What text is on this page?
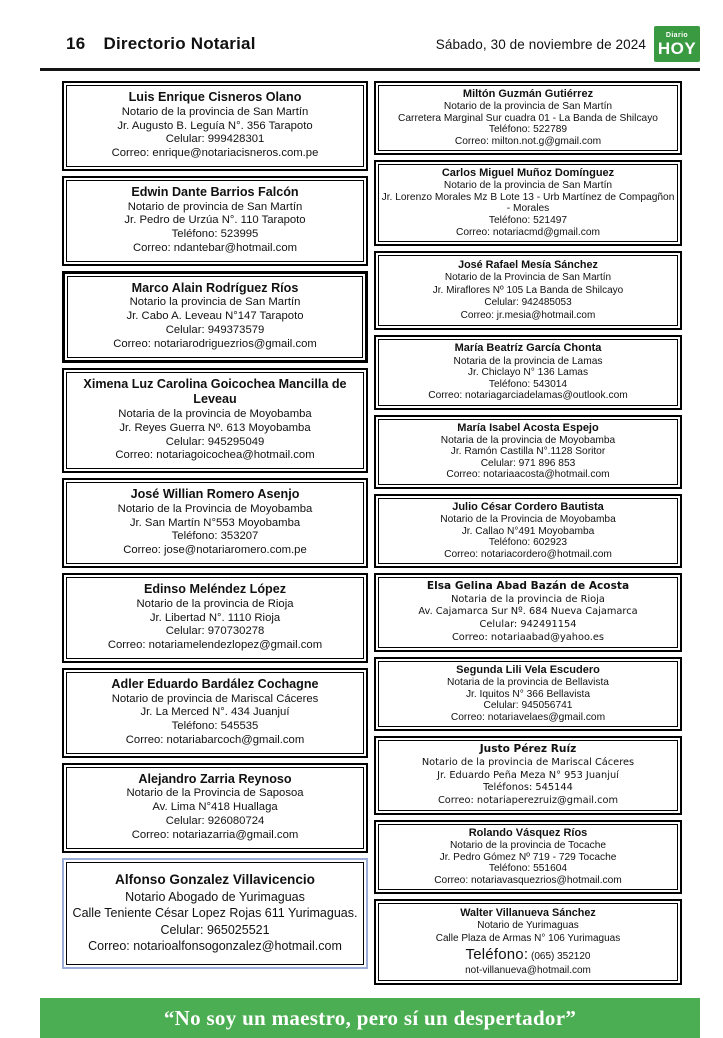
16 Directorio Notarial	Sábado, 30 de noviembre de 2024
Diario
HOY
Luis Enrique Cisneros Olano
Notario de la provincia de San Martín
Jr. Augusto B. Leguía N°. 356 Tarapoto
Celular: 999428301
Correo: enrique@notariacisneros.com.pe
Edwin Dante Barrios Falcón
Notario de provincia de San Martín
Jr. Pedro de Urzúa N°. 110 Tarapoto
Teléfono: 523995
Correo: ndantebar@hotmail.com
Marco Alain Rodríguez Ríos
Notario la provincia de San Martín
Jr. Cabo A. Leveau N°147 Tarapoto
Celular: 949373579
Correo: notariarodriguezrios@gmail.com
Ximena Luz Carolina Goicochea Mancilla de Leveau
Notaria de la provincia de Moyobamba
Jr. Reyes Guerra Nº. 613 Moyobamba
Celular: 945295049
Correo: notariagoicochea@hotmail.com
José Willian Romero Asenjo
Notario de la Provincia de Moyobamba
Jr. San Martín N°553 Moyobamba
Teléfono: 353207
Correo: jose@notariaromero.com.pe
Edinso Meléndez López
Notario de la provincia de Rioja
Jr. Libertad N°. 1110 Rioja
Celular: 970730278
Correo: notariamelendezlopez@gmail.com
Adler Eduardo Bardález Cochagne
Notario de provincia de Mariscal Cáceres
Jr. La Merced N°. 434 Juanjuí
Teléfono: 545535
Correo: notariabarcoch@gmail.com
Alejandro Zarria Reynoso
Notario de la Provincia de Saposoa
Av. Lima N°418 Huallaga
Celular: 926080724
Correo: notariazarria@gmail.com
Alfonso Gonzalez Villavicencio
Notario Abogado de Yurimaguas
Calle Teniente César Lopez Rojas 611 Yurimaguas.
Celular: 965025521
Correo: notarioalfonsogonzalez@hotmail.com
Miltón Guzmán Gutiérrez
Notario de la provincia de San Martín
Carretera Marginal Sur cuadra 01 - La Banda de Shilcayo
Teléfono: 522789
Correo: milton.not.g@gmail.com
Carlos Miguel Muñoz Domínguez
Notario de la provincia de San Martín
Jr. Lorenzo Morales Mz B Lote 13 - Urb Martínez de Compagñon
- Morales
Teléfono: 521497
Correo: notariacmd@gmail.com
José Rafael Mesía Sánchez
Notario de la Provincia de San Martín
Jr. Miraflores Nº 105 La Banda de Shilcayo
Celular: 942485053
Correo: jr.mesia@hotmail.com
María Beatríz García Chonta
Notaria de la provincia de Lamas
Jr. Chiclayo N° 136 Lamas
Teléfono: 543014
Correo: notariagarciadelamas@outlook.com
María Isabel Acosta Espejo
Notaria de la provincia de Moyobamba
Jr. Ramón Castilla N°.1128 Soritor
Celular: 971 896 853
Correo: notariaacosta@hotmail.com
Julio César Cordero Bautista
Notario de la Provincia de Moyobamba
Jr. Callao N°491 Moyobamba
Teléfono: 602923
Correo: notariacordero@hotmail.com
Elsa Gelina Abad Bazán de Acosta
Notaria de la provincia de Rioja
Av. Cajamarca Sur Nº. 684 Nueva Cajamarca
Celular: 942491154
Correo: notariaabad@yahoo.es
Segunda Lili Vela Escudero
Notaria de la provincia de Bellavista
Jr. Iquitos N° 366 Bellavista
Celular: 945056741
Correo: notariavelaes@gmail.com
Justo Pérez Ruíz
Notario de la provincia de Mariscal Cáceres
Jr. Eduardo Peña Meza N° 953 Juanjuí
Teléfonos: 545144
Correo: notariaperezruiz@gmail.com
Rolando Vásquez Ríos
Notario de la provincia de Tocache
Jr. Pedro Gómez Nº 719 - 729 Tocache
Teléfono: 551604
Correo: notariavasquezrios@hotmail.com
Walter Villanueva Sánchez
Notario de Yurimaguas
Calle Plaza de Armas N° 106 Yurimaguas
Teléfono: (065) 352120
not-villanueva@hotmail.com
“No soy un maestro, pero sí un despertador”
